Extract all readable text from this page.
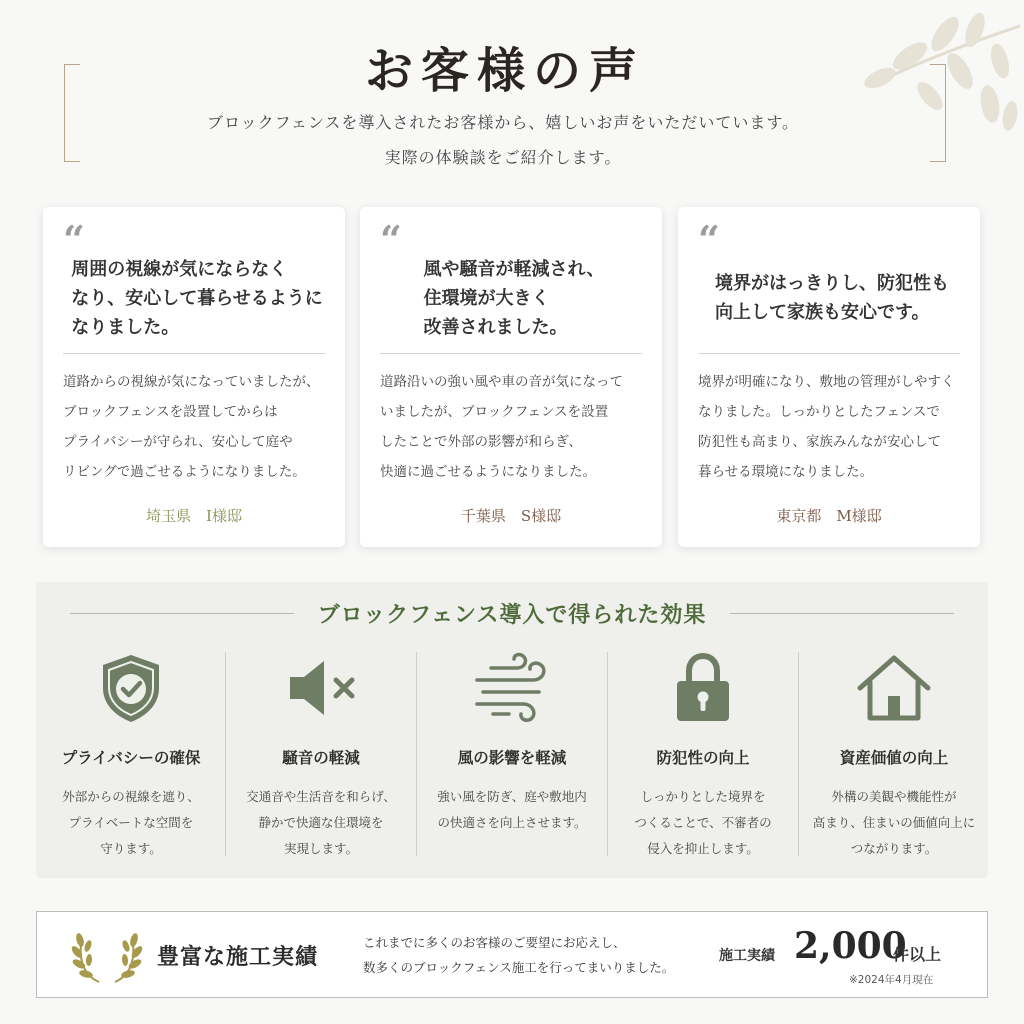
お客様の声

ブロックフェンスを導入されたお客様から、嬉しいお声をいただいています。

実際の体験談をご紹介します。

“
周囲の視線が気にならなく
なり、安心して暮らせるように
なりました。
道路からの視線が気になっていましたが、
ブロックフェンスを設置してからは
プライバシーが守られ、安心して庭や
リビングで過ごせるようになりました。
埼玉県　I様邸
“
風や騒音が軽減され、
住環境が大きく
改善されました。
道路沿いの強い風や車の音が気になって
いましたが、ブロックフェンスを設置
したことで外部の影響が和らぎ、
快適に過ごせるようになりました。
千葉県　S様邸
“
境界がはっきりし、防犯性も
向上して家族も安心です。
境界が明確になり、敷地の管理がしやすく
なりました。しっかりとしたフェンスで
防犯性も高まり、家族みんなが安心して
暮らせる環境になりました。
東京都　M様邸
ブロックフェンス導入で得られた効果
プライバシーの確保
外部からの視線を遮り、
プライベートな空間を
守ります。
騒音の軽減
交通音や生活音を和らげ、
静かで快適な住環境を
実現します。
風の影響を軽減
強い風を防ぎ、庭や敷地内
の快適さを向上させます。
防犯性の向上
しっかりとした境界を
つくることで、不審者の
侵入を抑止します。
資産価値の向上
外構の美観や機能性が
高まり、住まいの価値向上に
つながります。
豊富な施工実績
これまでに多くのお客様のご要望にお応えし、
数多くのブロックフェンス施工を行ってまいりました。
施工実績 2,000
件以上
※2024年4月現在
